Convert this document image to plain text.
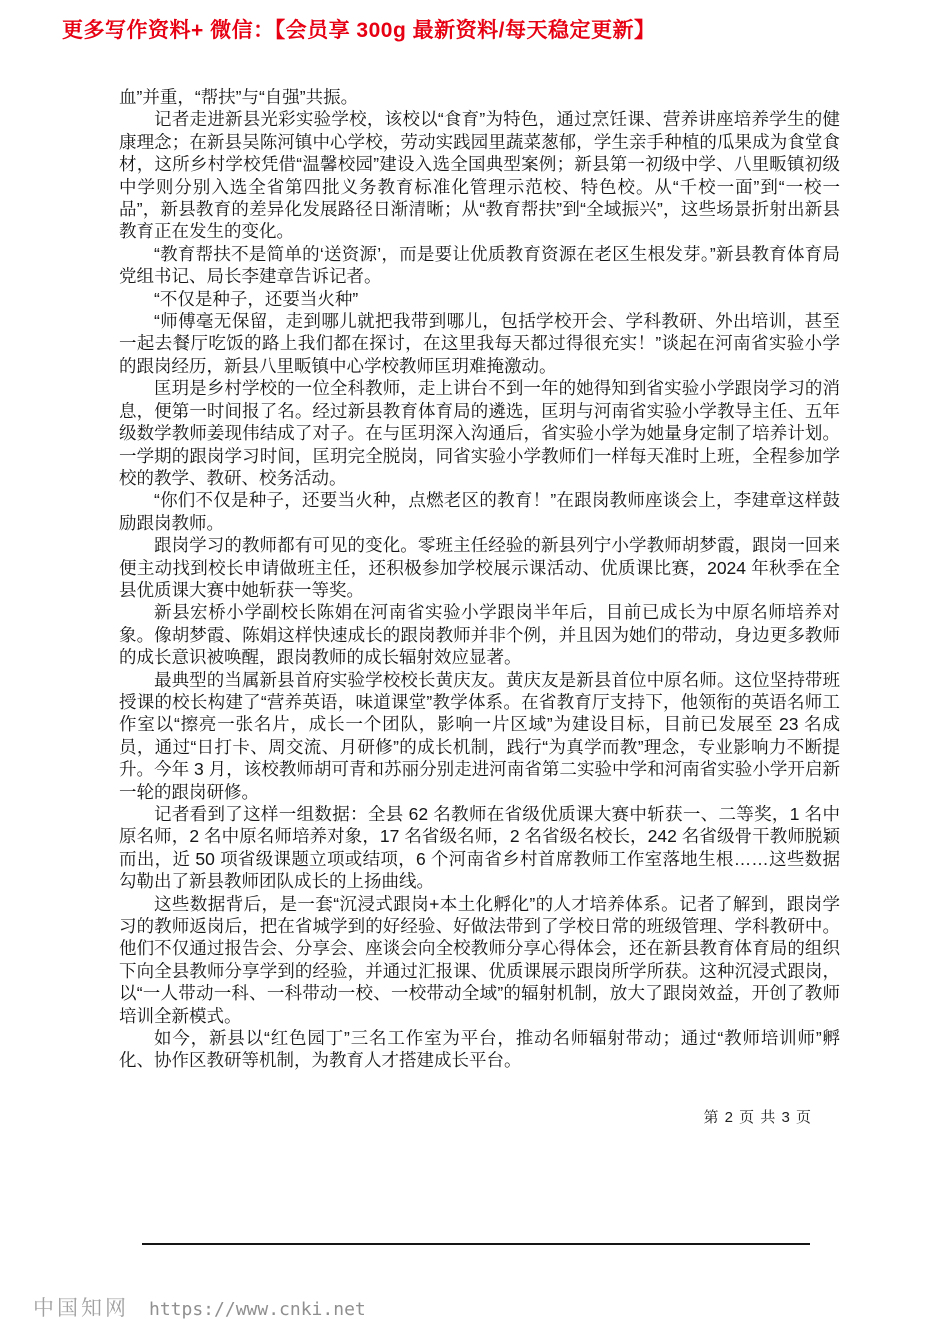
更多写作资料+ 微信：【会员享 300g 最新资料/每天稳定更新】

血”并重，“帮扶”与“自强”共振。

记者走进新县光彩实验学校，该校以“食育”为特色，通过烹饪课、营养讲座培养学生的健康理念；在新县吴陈河镇中心学校，劳动实践园里蔬菜葱郁，学生亲手种植的瓜果成为食堂食材，这所乡村学校凭借“温馨校园”建设入选全国典型案例；新县第一初级中学、八里畈镇初级中学则分别入选全省第四批义务教育标准化管理示范校、特色校。从“千校一面”到“一校一品”，新县教育的差异化发展路径日渐清晰；从“教育帮扶”到“全域振兴”，这些场景折射出新县教育正在发生的变化。

“教育帮扶不是简单的‘送资源’，而是要让优质教育资源在老区生根发芽。”新县教育体育局党组书记、局长李建章告诉记者。

“不仅是种子，还要当火种”

“师傅毫无保留，走到哪儿就把我带到哪儿，包括学校开会、学科教研、外出培训，甚至一起去餐厅吃饭的路上我们都在探讨，在这里我每天都过得很充实！”谈起在河南省实验小学的跟岗经历，新县八里畈镇中心学校教师匡玥难掩激动。

匡玥是乡村学校的一位全科教师，走上讲台不到一年的她得知到省实验小学跟岗学习的消息，便第一时间报了名。经过新县教育体育局的遴选，匡玥与河南省实验小学教导主任、五年级数学教师姜现伟结成了对子。在与匡玥深入沟通后，省实验小学为她量身定制了培养计划。一学期的跟岗学习时间，匡玥完全脱岗，同省实验小学教师们一样每天准时上班，全程参加学校的教学、教研、校务活动。

“你们不仅是种子，还要当火种，点燃老区的教育！”在跟岗教师座谈会上，李建章这样鼓励跟岗教师。

跟岗学习的教师都有可见的变化。零班主任经验的新县列宁小学教师胡梦霞，跟岗一回来便主动找到校长申请做班主任，还积极参加学校展示课活动、优质课比赛，2024 年秋季在全县优质课大赛中她斩获一等奖。

新县宏桥小学副校长陈娟在河南省实验小学跟岗半年后，目前已成长为中原名师培养对象。像胡梦霞、陈娟这样快速成长的跟岗教师并非个例，并且因为她们的带动，身边更多教师的成长意识被唤醒，跟岗教师的成长辐射效应显著。

最典型的当属新县首府实验学校校长黄庆友。黄庆友是新县首位中原名师。这位坚持带班授课的校长构建了“营养英语，味道课堂”教学体系。在省教育厅支持下，他领衔的英语名师工作室以“擦亮一张名片，成长一个团队，影响一片区域”为建设目标，目前已发展至 23 名成员，通过“日打卡、周交流、月研修”的成长机制，践行“为真学而教”理念，专业影响力不断提升。今年 3 月，该校教师胡可青和苏丽分别走进河南省第二实验中学和河南省实验小学开启新一轮的跟岗研修。

记者看到了这样一组数据：全县 62 名教师在省级优质课大赛中斩获一、二等奖，1 名中原名师，2 名中原名师培养对象，17 名省级名师，2 名省级名校长，242 名省级骨干教师脱颖而出，近 50 项省级课题立项或结项，6 个河南省乡村首席教师工作室落地生根……这些数据勾勒出了新县教师团队成长的上扬曲线。

这些数据背后，是一套“沉浸式跟岗+本土化孵化”的人才培养体系。记者了解到，跟岗学习的教师返岗后，把在省城学到的好经验、好做法带到了学校日常的班级管理、学科教研中。他们不仅通过报告会、分享会、座谈会向全校教师分享心得体会，还在新县教育体育局的组织下向全县教师分享学到的经验，并通过汇报课、优质课展示跟岗所学所获。这种沉浸式跟岗，以“一人带动一科、一科带动一校、一校带动全域”的辐射机制，放大了跟岗效益，开创了教师培训全新模式。

如今，新县以“红色园丁”三名工作室为平台，推动名师辐射带动；通过“教师培训师”孵化、协作区教研等机制，为教育人才搭建成长平台。

第 2 页 共 3 页
中国知网 https://www.cnki.net
